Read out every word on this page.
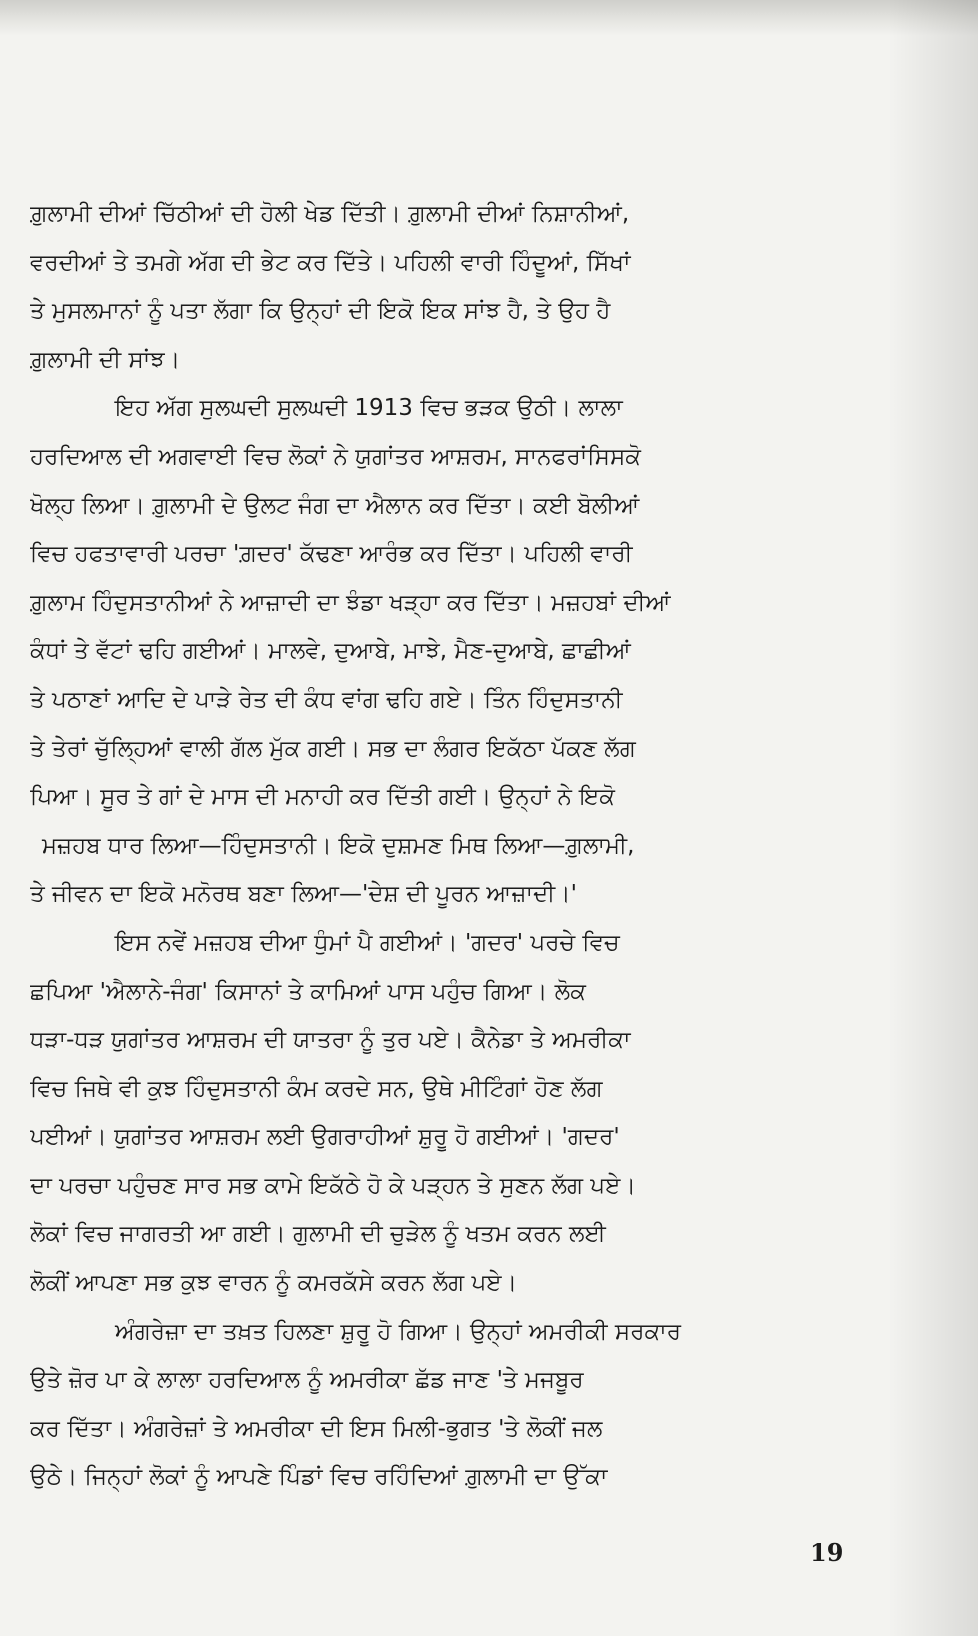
ਗ਼ੁਲਾਮੀ ਦੀਆਂ ਚਿੱਠੀਆਂ ਦੀ ਹੋਲੀ ਖੇਡ ਦਿੱਤੀ। ਗ਼ੁਲਾਮੀ ਦੀਆਂ ਨਿਸ਼ਾਨੀਆਂ,

ਵਰਦੀਆਂ ਤੇ ਤਮਗੇ ਅੱਗ ਦੀ ਭੇਟ ਕਰ ਦਿੱਤੇ। ਪਹਿਲੀ ਵਾਰੀ ਹਿੰਦੂਆਂ, ਸਿੱਖਾਂ

ਤੇ ਮੁਸਲਮਾਨਾਂ ਨੂੰ ਪਤਾ ਲੱਗਾ ਕਿ ਉਨ੍ਹਾਂ ਦੀ ਇਕੋ ਇਕ ਸਾਂਝ ਹੈ, ਤੇ ਉਹ ਹੈ

ਗ਼ੁਲਾਮੀ ਦੀ ਸਾਂਝ।

ਇਹ ਅੱਗ ਸੁਲਘਦੀ ਸੁਲਘਦੀ 1913 ਵਿਚ ਭੜਕ ਉਠੀ। ਲਾਲਾ

ਹਰਦਿਆਲ ਦੀ ਅਗਵਾਈ ਵਿਚ ਲੋਕਾਂ ਨੇ ਯੁਗਾਂਤਰ ਆਸ਼ਰਮ, ਸਾਨਫਰਾਂਸਿਸਕੋ

ਖੋਲ੍ਹ ਲਿਆ। ਗ਼ੁਲਾਮੀ ਦੇ ਉਲਟ ਜੰਗ ਦਾ ਐਲਾਨ ਕਰ ਦਿੱਤਾ। ਕਈ ਬੋਲੀਆਂ

ਵਿਚ ਹਫਤਾਵਾਰੀ ਪਰਚਾ 'ਗ਼ਦਰ' ਕੱਢਣਾ ਆਰੰਭ ਕਰ ਦਿੱਤਾ। ਪਹਿਲੀ ਵਾਰੀ

ਗ਼ੁਲਾਮ ਹਿੰਦੁਸਤਾਨੀਆਂ ਨੇ ਆਜ਼ਾਦੀ ਦਾ ਝੰਡਾ ਖੜ੍ਹਾ ਕਰ ਦਿੱਤਾ। ਮਜ਼ਹਬਾਂ ਦੀਆਂ

ਕੰਧਾਂ ਤੇ ਵੱਟਾਂ ਢਹਿ ਗਈਆਂ। ਮਾਲਵੇ, ਦੁਆਬੇ, ਮਾਝੇ, ਮੈਣ-ਦੁਆਬੇ, ਛਾਛੀਆਂ

ਤੇ ਪਠਾਣਾਂ ਆਦਿ ਦੇ ਪਾੜੇ ਰੇਤ ਦੀ ਕੰਧ ਵਾਂਗ ਢਹਿ ਗਏ। ਤਿੰਨ ਹਿੰਦੁਸਤਾਨੀ

ਤੇ ਤੇਰਾਂ ਚੁੱਲ੍ਹਿਆਂ ਵਾਲੀ ਗੱਲ ਮੁੱਕ ਗਈ। ਸਭ ਦਾ ਲੰਗਰ ਇਕੱਠਾ ਪੱਕਣ ਲੱਗ

ਪਿਆ। ਸੂਰ ਤੇ ਗਾਂ ਦੇ ਮਾਸ ਦੀ ਮਨਾਹੀ ਕਰ ਦਿੱਤੀ ਗਈ। ਉਨ੍ਹਾਂ ਨੇ ਇਕੋ

ਮਜ਼ਹਬ ਧਾਰ ਲਿਆ—ਹਿੰਦੁਸਤਾਨੀ। ਇਕੋ ਦੁਸ਼ਮਣ ਮਿਥ ਲਿਆ—ਗ਼ੁਲਾਮੀ,

ਤੇ ਜੀਵਨ ਦਾ ਇਕੋ ਮਨੋਰਥ ਬਣਾ ਲਿਆ—'ਦੇਸ਼ ਦੀ ਪੂਰਨ ਆਜ਼ਾਦੀ।'

ਇਸ ਨਵੇਂ ਮਜ਼ਹਬ ਦੀਆ ਧੁੰਮਾਂ ਪੈ ਗਈਆਂ। 'ਗਦਰ' ਪਰਚੇ ਵਿਚ

ਛਪਿਆ 'ਐਲਾਨੇ-ਜੰਗ' ਕਿਸਾਨਾਂ ਤੇ ਕਾਮਿਆਂ ਪਾਸ ਪਹੁੰਚ ਗਿਆ। ਲੋਕ

ਧੜਾ-ਧੜ ਯੁਗਾਂਤਰ ਆਸ਼ਰਮ ਦੀ ਯਾਤਰਾ ਨੂੰ ਤੁਰ ਪਏ। ਕੈਨੇਡਾ ਤੇ ਅਮਰੀਕਾ

ਵਿਚ ਜਿਥੇ ਵੀ ਕੁਝ ਹਿੰਦੁਸਤਾਨੀ ਕੰਮ ਕਰਦੇ ਸਨ, ਉਥੇ ਮੀਟਿੰਗਾਂ ਹੋਣ ਲੱਗ

ਪਈਆਂ। ਯੁਗਾਂਤਰ ਆਸ਼ਰਮ ਲਈ ਉਗਰਾਹੀਆਂ ਸ਼ੁਰੂ ਹੋ ਗਈਆਂ। 'ਗਦਰ'

ਦਾ ਪਰਚਾ ਪਹੁੰਚਣ ਸਾਰ ਸਭ ਕਾਮੇ ਇਕੱਠੇ ਹੋ ਕੇ ਪੜ੍ਹਨ ਤੇ ਸੁਣਨ ਲੱਗ ਪਏ।

ਲੋਕਾਂ ਵਿਚ ਜਾਗਰਤੀ ਆ ਗਈ। ਗੁਲਾਮੀ ਦੀ ਚੁੜੇਲ ਨੂੰ ਖਤਮ ਕਰਨ ਲਈ

ਲੋਕੀਂ ਆਪਣਾ ਸਭ ਕੁਝ ਵਾਰਨ ਨੂੰ ਕਮਰਕੱਸੇ ਕਰਨ ਲੱਗ ਪਏ।

ਅੰਗਰੇਜ਼ਾ ਦਾ ਤਖ਼ਤ ਹਿਲਣਾ ਸ਼ੁਰੂ ਹੋ ਗਿਆ। ਉਨ੍ਹਾਂ ਅਮਰੀਕੀ ਸਰਕਾਰ

ਉਤੇ ਜ਼ੋਰ ਪਾ ਕੇ ਲਾਲਾ ਹਰਦਿਆਲ ਨੂੰ ਅਮਰੀਕਾ ਛੱਡ ਜਾਣ 'ਤੇ ਮਜਬੂਰ

ਕਰ ਦਿੱਤਾ। ਅੰਗਰੇਜ਼ਾਂ ਤੇ ਅਮਰੀਕਾ ਦੀ ਇਸ ਮਿਲੀ-ਭੁਗਤ 'ਤੇ ਲੋਕੀਂ ਜਲ

ਉਠੇ। ਜਿਨ੍ਹਾਂ ਲੋਕਾਂ ਨੂੰ ਆਪਣੇ ਪਿੰਡਾਂ ਵਿਚ ਰਹਿੰਦਿਆਂ ਗ਼ੁਲਾਮੀ ਦਾ ਉੱਕਾ

19
